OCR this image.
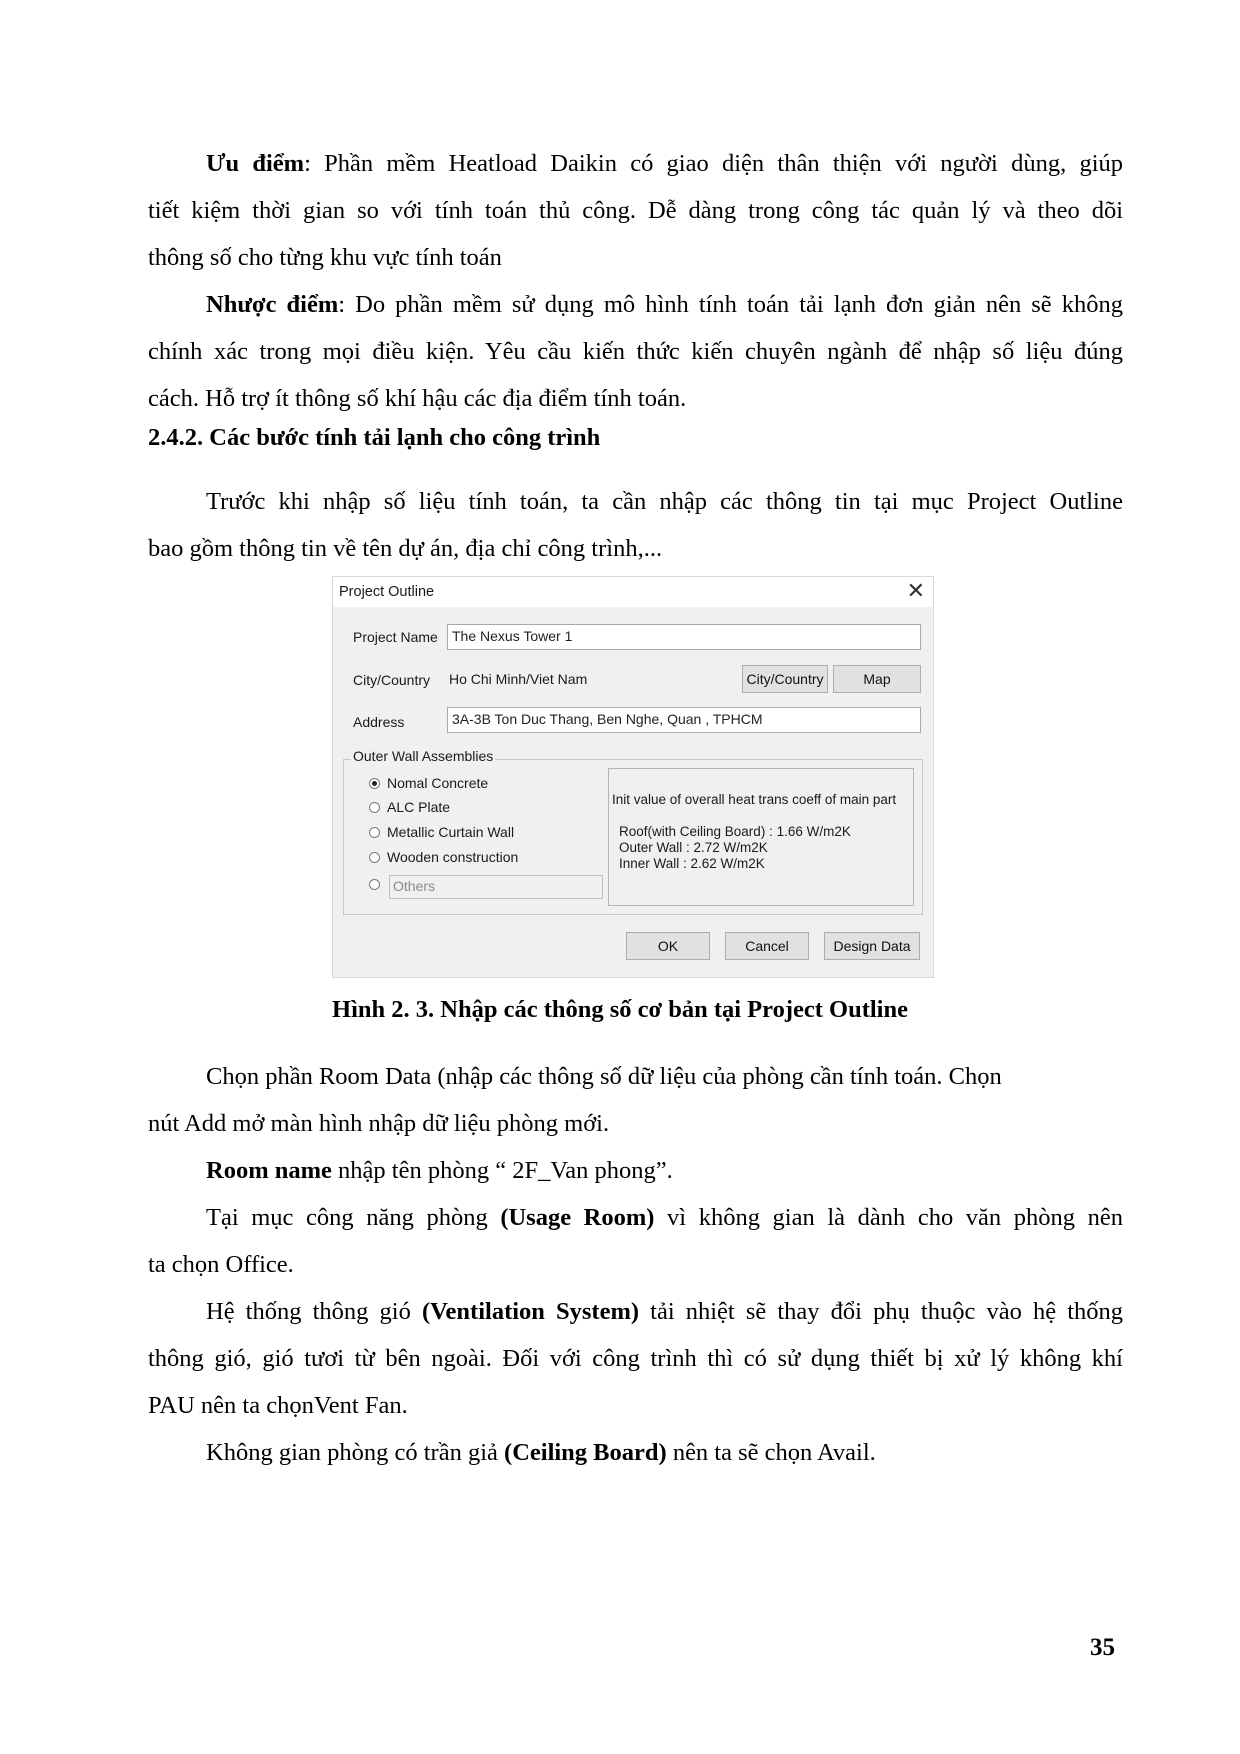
Ưu điểm: Phần mềm Heatload Daikin có giao diện thân thiện với người dùng, giúp
tiết kiệm thời gian so với tính toán thủ công. Dễ dàng trong công tác quản lý và theo dõi
thông số cho từng khu vực tính toán
Nhược điểm: Do phần mềm sử dụng mô hình tính toán tải lạnh đơn giản nên sẽ không
chính xác trong mọi điều kiện. Yêu cầu kiến thức kiến chuyên ngành để nhập số liệu đúng
cách. Hỗ trợ ít thông số khí hậu các địa điểm tính toán.
2.4.2. Các bước tính tải lạnh cho công trình
Trước khi nhập số liệu tính toán, ta cần nhập các thông tin tại mục Project Outline
bao gồm thông tin về tên dự án, địa chỉ công trình,...
Project Outline	✕
Project Name	The Nexus Tower 1
City/Country Ho Chi Minh/Viet Nam	City/Country	Map
Address	3A-3B Ton Duc Thang, Ben Nghe, Quan , TPHCM
Outer Wall Assemblies
Nomal Concrete
ALC Plate
Metallic Curtain Wall
Wooden construction
Others
Init value of overall heat trans coeff of main part
Roof(with Ceiling Board) : 1.66 W/m2K
Outer Wall : 2.72 W/m2K
Inner Wall : 2.62 W/m2K
OK	Cancel	Design Data
Hình 2. 3. Nhập các thông số cơ bản tại Project Outline
Chọn phần Room Data (nhập các thông số dữ liệu của phòng cần tính toán. Chọn
nút Add mở màn hình nhập dữ liệu phòng mới.
Room name nhập tên phòng “ 2F_Van phong”.
Tại mục công năng phòng (Usage Room) vì không gian là dành cho văn phòng nên
ta chọn Office.
Hệ thống thông gió (Ventilation System) tải nhiệt sẽ thay đổi phụ thuộc vào hệ thống
thông gió, gió tươi từ bên ngoài. Đối với công trình thì có sử dụng thiết bị xử lý không khí
PAU nên ta chọnVent Fan.
Không gian phòng có trần giả (Ceiling Board) nên ta sẽ chọn Avail.
35
